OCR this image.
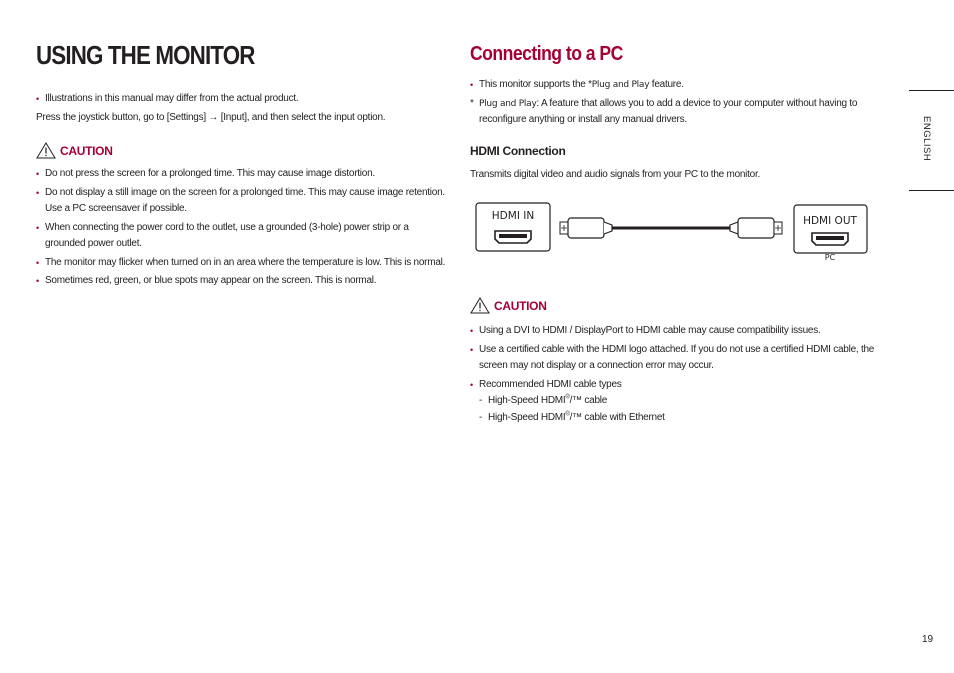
USING THE MONITOR
• Illustrations in this manual may differ from the actual product.
Press the joystick button, go to [Settings] → [Input], and then select the input option.
CAUTION
• Do not press the screen for a prolonged time. This may cause image distortion.
• Do not display a still image on the screen for a prolonged time. This may cause image retention. Use a PC screensaver if possible.
• When connecting the power cord to the outlet, use a grounded (3-hole) power strip or a grounded power outlet.
• The monitor may flicker when turned on in an area where the temperature is low. This is normal.
• Sometimes red, green, or blue spots may appear on the screen. This is normal.
Connecting to a PC
• This monitor supports the *Plug and Play feature.
* Plug and Play: A feature that allows you to add a device to your computer without having to reconfigure anything or install any manual drivers.
HDMI Connection
Transmits digital video and audio signals from your PC to the monitor.
HDMI IN	HDMI OUT
PC
CAUTION
• Using a DVI to HDMI / DisplayPort to HDMI cable may cause compatibility issues.
• Use a certified cable with the HDMI logo attached. If you do not use a certified HDMI cable, the screen may not display or a connection error may occur.
• Recommended HDMI cable types
- High-Speed HDMI®/™ cable
- High-Speed HDMI®/™ cable with Ethernet
ENGLISH
19
